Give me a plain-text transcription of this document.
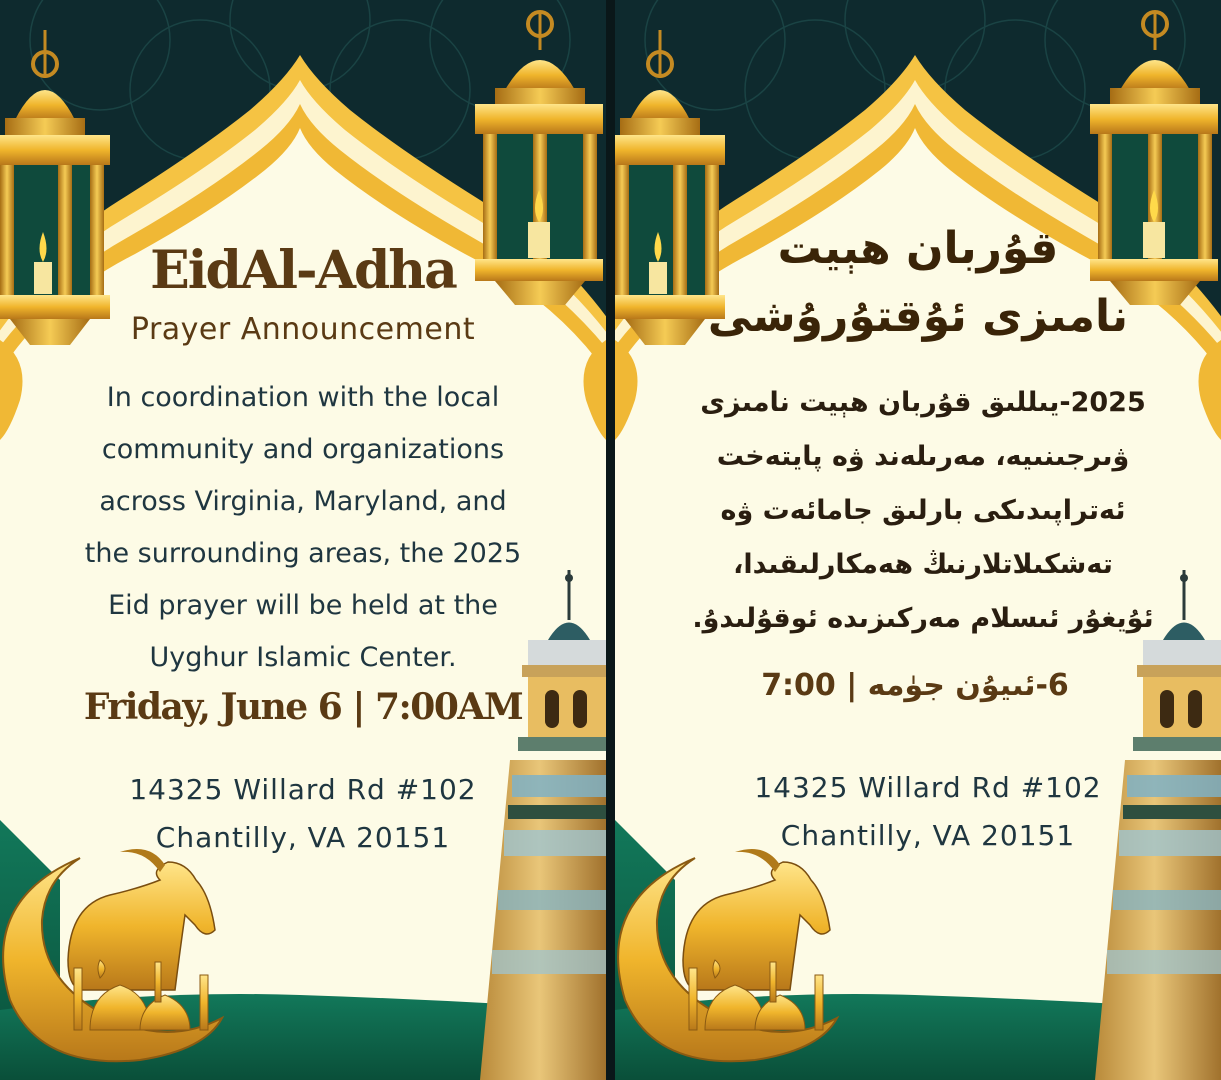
EidAl-Adha

Prayer Announcement

In coordination with the local
community and organizations
across Virginia, Maryland, and
the surrounding areas, the 2025
Eid prayer will be held at the
Uyghur Islamic Center.

Friday, June 6 | 7:00AM

14325 Willard Rd #102
Chantilly, VA 20151
قۇربان ھېيت
نامىزى ئۇقتۇرۇشى
2025-يىللىق قۇربان ھېيت نامىزى
ۋىرجىنىيە، مەرىلەند ۋە پايتەخت
ئەتراپىدىكى بارلىق جامائەت ۋە
تەشكىلاتلارنىڭ ھەمكارلىقىدا،
ئۇيغۇر ئىسلام مەركىزىدە ئوقۇلىدۇ.

6-ئىيۇن جۈمە | 7:00

14325 Willard Rd #102
Chantilly, VA 20151
